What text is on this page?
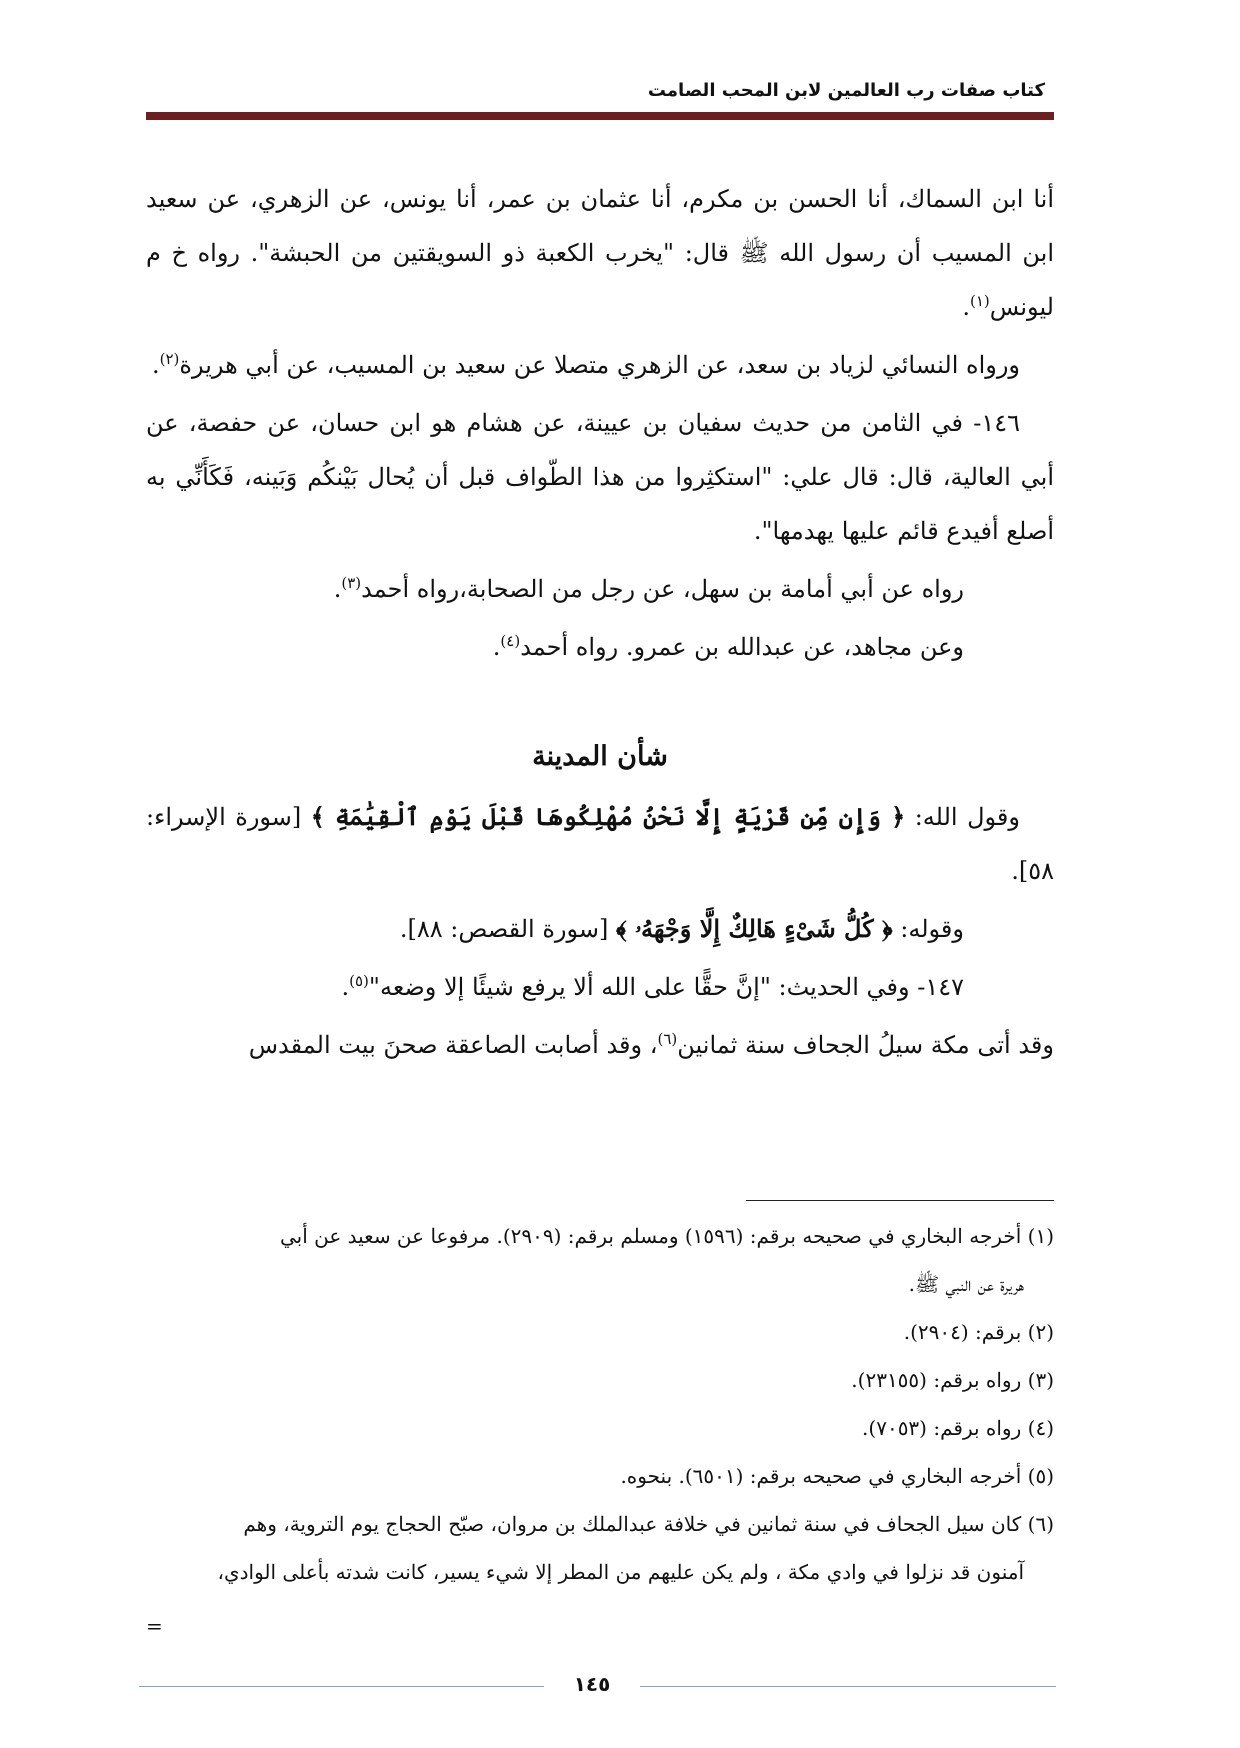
كتاب صفات رب العالمين لابن المحب الصامت

أنا ابن السماك، أنا الحسن بن مكرم، أنا عثمان بن عمر، أنا يونس، عن الزهري، عن سعيد ابن المسيب أن رسول الله ﷺ قال: "يخرب الكعبة ذو السويقتين من الحبشة". رواه خ م ليونس$^{(١)}$.

ورواه النسائي لزياد بن سعد، عن الزهري متصلا عن سعيد بن المسيب، عن أبي هريرة$^{(٢)}$.

١٤٦- في الثامن من حديث سفيان بن عيينة، عن هشام هو ابن حسان، عن حفصة، عن أبي العالية، قال: قال علي: "استكثِروا من هذا الطّواف قبل أن يُحال بَيْنكُم وَبَينه، فَكَأَنِّي به أصلع أفيدع قائم عليها يهدمها".

رواه عن أبي أمامة بن سهل، عن رجل من الصحابة،رواه أحمد$^{(٣)}$.

وعن مجاهد، عن عبدالله بن عمرو. رواه أحمد$^{(٤)}$.

شأن المدينة

وقول الله: ﴿ وَإِن مِّن قَرْيَةٍ إِلَّا نَحْنُ مُهْلِكُوهَا قَبْلَ يَوْمِ ٱلْقِيَٰمَةِ ﴾ [سورة الإسراء: ٥٨].

وقوله: ﴿ كُلُّ شَىْءٍ هَالِكٌ إِلَّا وَجْهَهُۥ ﴾ [سورة القصص: ٨٨].

١٤٧- وفي الحديث: "إنَّ حقًّا على الله ألا يرفع شيئًا إلا وضعه"$^{(٥)}$.

وقد أتى مكة سيلُ الجحاف سنة ثمانين$^{(٦)}$، وقد أصابت الصاعقة صحنَ بيت المقدس

(١) أخرجه البخاري في صحيحه برقم: (١٥٩٦) ومسلم برقم: (٢٩٠٩). مرفوعا عن سعيد عن أبي

هريرة عن النبي ﷺ.

(٢) برقم: (٢٩٠٤).

(٣) رواه برقم: (٢٣١٥٥).

(٤) رواه برقم: (٧٠٥٣).

(٥) أخرجه البخاري في صحيحه برقم: (٦٥٠١). بنحوه.

(٦) كان سيل الجحاف في سنة ثمانين في خلافة عبدالملك بن مروان، صبّح الحجاج يوم التروية، وهم

آمنون قد نزلوا في وادي مكة ، ولم يكن عليهم من المطر إلا شيء يسير، كانت شدته بأعلى الوادي،

=
١٤٥
